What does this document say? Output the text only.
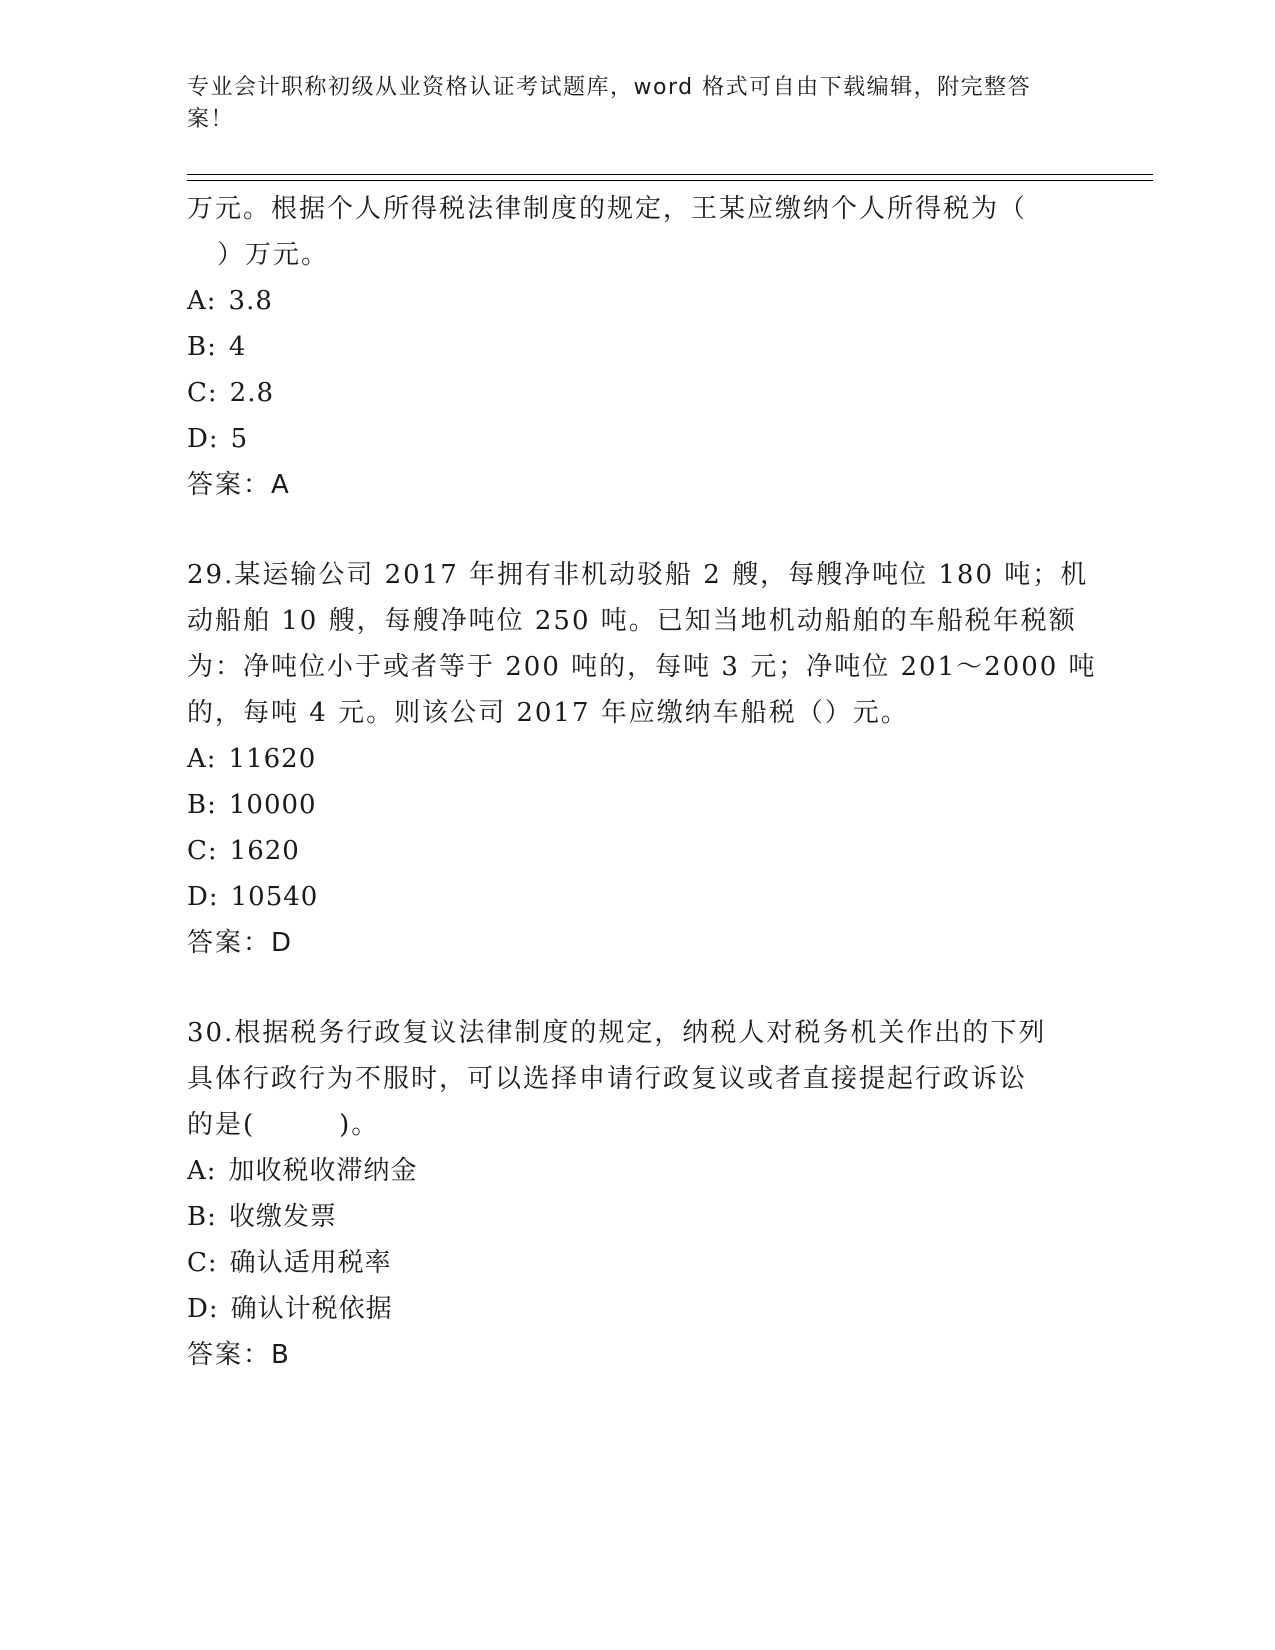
专业会计职称初级从业资格认证考试题库，word 格式可自由下载编辑，附完整答案！
万元。根据个人所得税法律制度的规定，王某应缴纳个人所得税为（
）万元。
A: 3.8
B: 4
C: 2.8
D: 5
答案：A
29.某运输公司 2017 年拥有非机动驳船 2 艘，每艘净吨位 180 吨；机
动船舶 10 艘，每艘净吨位 250 吨。已知当地机动船舶的车船税年税额
为：净吨位小于或者等于 200 吨的，每吨 3 元；净吨位 201～2000 吨
的，每吨 4 元。则该公司 2017 年应缴纳车船税（）元。
A: 11620
B: 10000
C: 1620
D: 10540
答案：D
30.根据税务行政复议法律制度的规定，纳税人对税务机关作出的下列
具体行政行为不服时，可以选择申请行政复议或者直接提起行政诉讼
的是(　　　)。
A: 加收税收滞纳金
B: 收缴发票
C: 确认适用税率
D: 确认计税依据
答案：B
